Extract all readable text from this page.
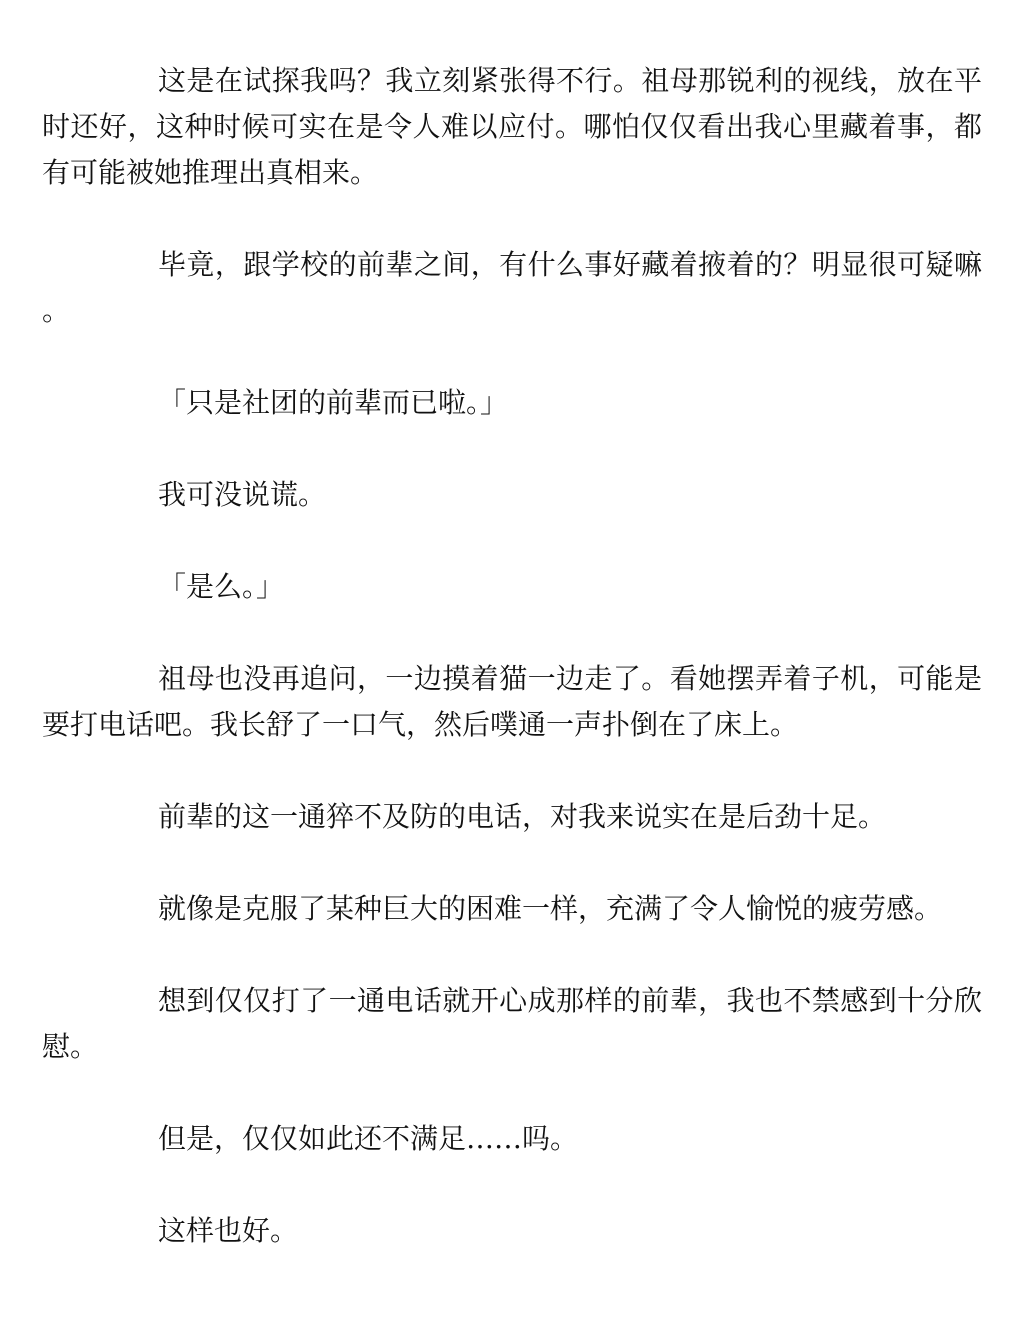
这是在试探我吗？我立刻紧张得不行。祖母那锐利的视线，放在平时还好，这种时候可实在是令人难以应付。哪怕仅仅看出我心里藏着事，都有可能被她推理出真相来。

毕竟，跟学校的前辈之间，有什么事好藏着掖着的？明显很可疑嘛。

「只是社团的前辈而已啦。」

我可没说谎。

「是么。」

祖母也没再追问，一边摸着猫一边走了。看她摆弄着子机，可能是要打电话吧。我长舒了一口气，然后噗通一声扑倒在了床上。

前辈的这一通猝不及防的电话，对我来说实在是后劲十足。

就像是克服了某种巨大的困难一样，充满了令人愉悦的疲劳感。

想到仅仅打了一通电话就开心成那样的前辈，我也不禁感到十分欣慰。

但是，仅仅如此还不满足……吗。

这样也好。
